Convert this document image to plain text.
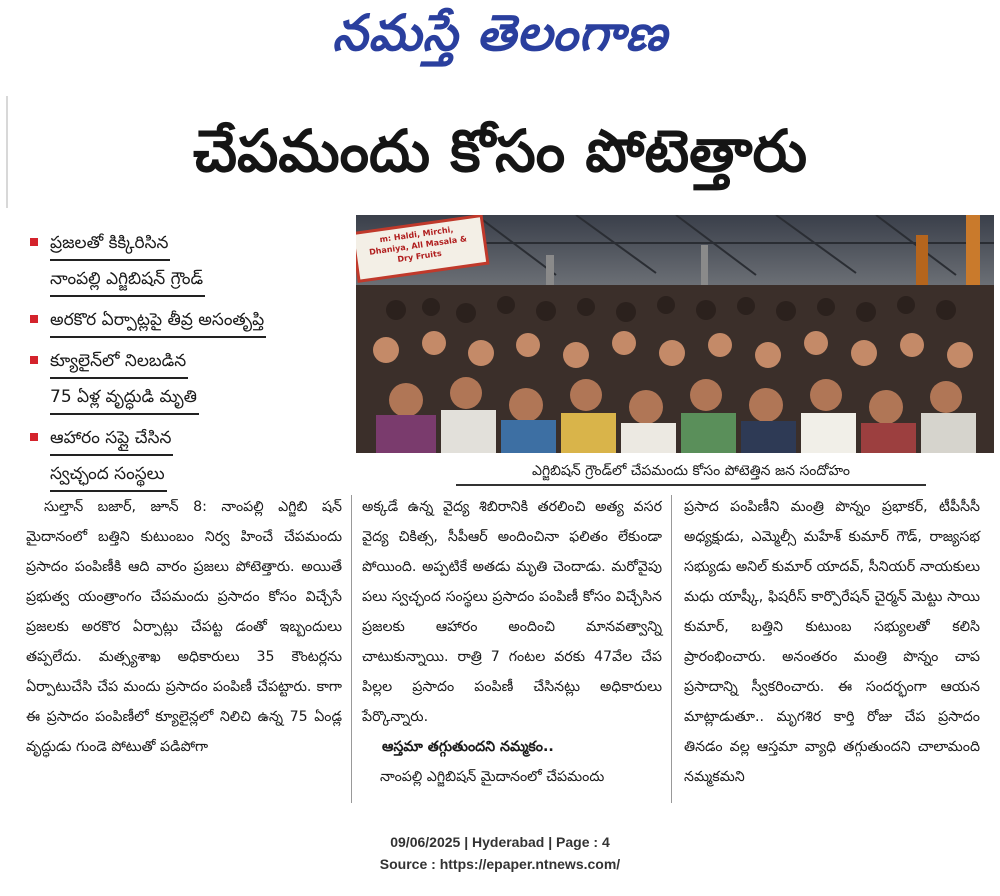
నమస్తే తెలంగాణ
చేపమందు కోసం పోటెత్తారు
ప్రజలతో కిక్కిరిసిన
నాంపల్లి ఎగ్జిబిషన్ గ్రౌండ్
అరకొర ఏర్పాట్లపై తీవ్ర అసంతృప్తి
క్యూలైన్‌లో నిలబడిన
75 ఏళ్ల వృద్ధుడి మృతి
ఆహారం సప్లై చేసిన
స్వచ్ఛంద సంస్థలు
m: Haldi, Mirchi, Dhaniya, All Masala & Dry Fruits
ఎగ్జిబిషన్ గ్రౌండ్‌లో చేపమందు కోసం పోటెత్తిన జన సందోహం

సుల్తాన్ బజార్, జూన్ 8: నాంపల్లి ఎగ్జిబి షన్ మైదానంలో బత్తిని కుటుంబం నిర్వ హించే చేపమందు ప్రసాదం పంపిణీకి ఆది వారం ప్రజలు పోటెత్తారు. అయితే ప్రభుత్వ యంత్రాంగం చేపమందు ప్రసాదం కోసం విచ్చేసే ప్రజలకు అరకొర ఏర్పాట్లు చేపట్ట డంతో ఇబ్బందులు తప్పలేదు. మత్స్యశాఖ అధికారులు 35 కౌంటర్లను ఏర్పాటుచేసి చేప మందు ప్రసాదం పంపిణీ చేపట్టారు. కాగా ఈ ప్రసాదం పంపిణీలో క్యూలైన్లలో నిలిచి ఉన్న 75 ఏండ్ల వృద్ధుడు గుండె పోటుతో పడిపోగా

అక్కడే ఉన్న వైద్య శిబిరానికి తరలించి అత్య వసర వైద్య చికిత్స, సీపీఆర్ అందించినా ఫలితం లేకుండా పోయింది. అప్పటికే అతడు మృతి చెందాడు. మరోవైపు పలు స్వచ్ఛంద సంస్థలు ప్రసాదం పంపిణీ కోసం విచ్చేసిన ప్రజలకు ఆహారం అందించి మానవత్వాన్ని చాటుకున్నాయి. రాత్రి 7 గంటల వరకు 47వేల చేప పిల్లల ప్రసాదం పంపిణీ చేసినట్లు అధికారులు పేర్కొన్నారు.

ఆస్తమా తగ్గుతుందని నమ్మకం..

నాంపల్లి ఎగ్జిబిషన్ మైదానంలో చేపమందు

ప్రసాద పంపిణీని మంత్రి పొన్నం ప్రభాకర్, టీపీసీసీ అధ్యక్షుడు, ఎమ్మెల్సీ మహేశ్ కుమార్ గౌడ్, రాజ్యసభ సభ్యుడు అనిల్ కుమార్ యాదవ్, సీనియర్ నాయకులు మధు యాష్కీ, ఫిషరీస్ కార్పొరేషన్ చైర్మన్ మెట్టు సాయి కుమార్, బత్తిని కుటుంబ సభ్యులతో కలిసి ప్రారంభించారు. అనంతరం మంత్రి పొన్నం చాప ప్రసాదాన్ని స్వీకరించారు. ఈ సందర్భంగా ఆయన మాట్లాడుతూ.. మృగశిర కార్తి రోజు చేప ప్రసాదం తినడం వల్ల ఆస్తమా వ్యాధి తగ్గుతుందని చాలామంది నమ్మకమని

09/06/2025 | Hyderabad | Page : 4
Source : https://epaper.ntnews.com/
